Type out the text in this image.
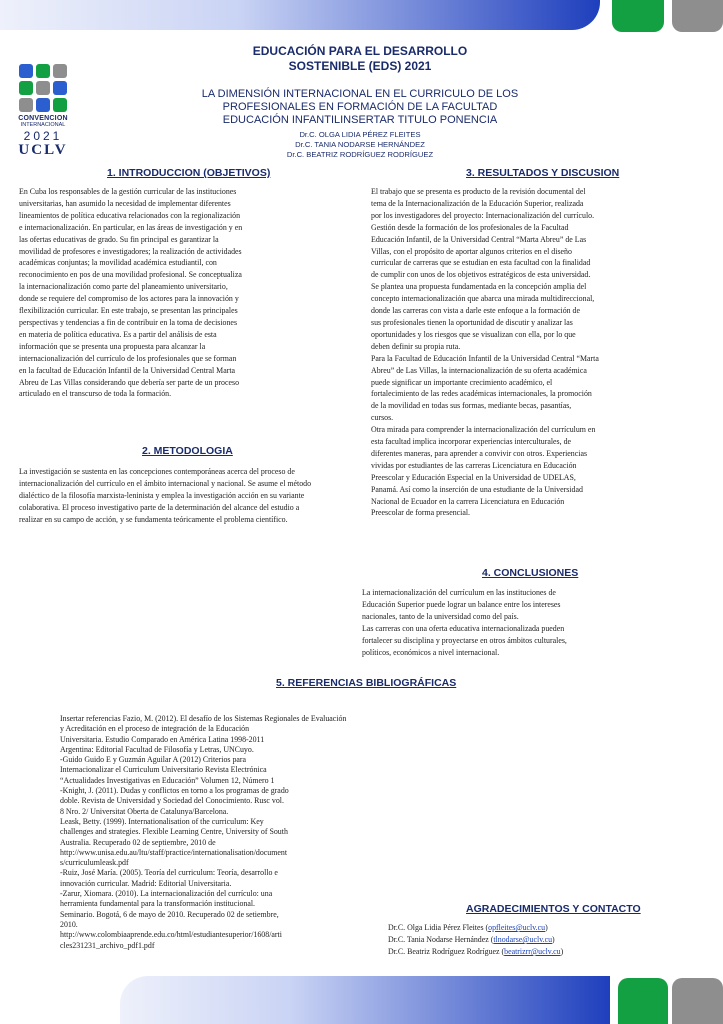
CONVENCION
INTERNACIONAL
2021
UCLV
EDUCACIÓN PARA EL DESARROLLO
SOSTENIBLE (EDS) 2021
LA DIMENSIÓN INTERNACIONAL EN EL CURRICULO DE LOS
PROFESIONALES EN FORMACIÓN DE LA FACULTAD
EDUCACIÓN INFANTILINSERTAR TITULO PONENCIA
Dr.C. OLGA LIDIA PÉREZ FLEITES
Dr.C. TANIA NODARSE HERNÁNDEZ
Dr.C. BEATRIZ RODRÍGUEZ RODRÍGUEZ
1. INTRODUCCION (OBJETIVOS)
En Cuba los responsables de la gestión curricular de las instituciones
universitarias, han asumido la necesidad de implementar diferentes
lineamientos de política educativa relacionados con la regionalización
e internacionalización. En particular, en las áreas de investigación y en
las ofertas educativas de grado. Su fin principal es garantizar la
movilidad de profesores e investigadores; la realización de actividades
académicas conjuntas; la movilidad académica estudiantil, con
reconocimiento en pos de una movilidad profesional. Se conceptualiza
la internacionalización como parte del planeamiento universitario,
donde se requiere del compromiso de los actores para la innovación y
flexibilización curricular. En este trabajo, se presentan las principales
perspectivas y tendencias a fin de contribuir en la toma de decisiones
en materia de política educativa. Es a partir del análisis de esta
información que se presenta una propuesta para alcanzar la
internacionalización del currículo de los profesionales que se forman
en la facultad de Educación Infantil de la Universidad Central Marta
Abreu de Las Villas considerando que debería ser parte de un proceso
articulado en el transcurso de toda la formación.
2. METODOLOGIA
La investigación se sustenta en las concepciones contemporáneas acerca del proceso de
internacionalización del currículo en el ámbito internacional y nacional. Se asume el método
dialéctico de la filosofía marxista-leninista y emplea la investigación acción en su variante
colaborativa. El proceso investigativo parte de la determinación del alcance del estudio a
realizar en su campo de acción, y se fundamenta teóricamente el problema científico.
3. RESULTADOS Y DISCUSION
El trabajo que se presenta es producto de la revisión documental del
tema de la Internacionalización de la Educación Superior, realizada
por los investigadores del proyecto: Internacionalización del currículo.
Gestión desde la formación de los profesionales de la Facultad
Educación Infantil, de la Universidad Central “Marta Abreu” de Las
Villas, con el propósito de aportar algunos criterios en el diseño
curricular de carreras que se estudian en esta facultad con la finalidad
de cumplir con unos de los objetivos estratégicos de esta universidad.
Se plantea una propuesta fundamentada en la concepción amplia del
concepto internacionalización que abarca una mirada multidireccional,
donde las carreras con vista a darle este enfoque a la formación de
sus profesionales tienen la oportunidad de discutir y analizar las
oportunidades y los riesgos que se visualizan con ella, por lo que
deben definir su propia ruta.
Para la Facultad de Educación Infantil de la Universidad Central “Marta
Abreu” de Las Villas, la internacionalización de su oferta académica
puede significar un importante crecimiento académico, el
fortalecimiento de las redes académicas internacionales, la promoción
de la movilidad en todas sus formas, mediante becas, pasantías,
cursos.
Otra mirada para comprender la internacionalización del currículum en
esta facultad implica incorporar experiencias interculturales, de
diferentes maneras, para aprender a convivir con otros. Experiencias
vividas por estudiantes de las carreras Licenciatura en Educación
Preescolar y Educación Especial en la Universidad de UDELAS,
Panamá. Así como la inserción de una estudiante de la Universidad
Nacional de Ecuador en la carrera Licenciatura en Educación
Preescolar de forma presencial.
4. CONCLUSIONES
La internacionalización del currículum en las instituciones de
Educación Superior puede lograr un balance entre los intereses
nacionales, tanto de la universidad como del país.
Las carreras con una oferta educativa internacionalizada pueden
fortalecer su disciplina y proyectarse en otros ámbitos culturales,
políticos, económicos a nivel internacional.
5. REFERENCIAS BIBLIOGRÁFICAS
Insertar referencias Fazio, M. (2012). El desafío de los Sistemas Regionales de Evaluación
y Acreditación en el proceso de integración de la Educación
Universitaria. Estudio Comparado en América Latina 1998-2011
Argentina: Editorial Facultad de Filosofía y Letras, UNCuyo.
-Guido Guido E y Guzmán Aguilar A (2012) Criterios para
Internacionalizar el Curriculum Universitario Revista Electrónica
“Actualidades Investigativas en Educación” Volumen 12, Número 1
-Knight, J. (2011). Dudas y conflictos en torno a los programas de grado
doble. Revista de Universidad y Sociedad del Conocimiento. Rusc vol.
8 Nro. 2/ Universitat Oberta de Catalunya/Barcelona.
Leask, Betty. (1999). Internationalisation of the curriculum: Key
challenges and strategies. Flexible Learning Centre, University of South
Australia. Recuperado 02 de septiembre, 2010 de
http://www.unisa.edu.au/ltu/staff/practice/internationalisation/document
s/curriculumleask.pdf
-Ruiz, José María. (2005). Teoría del curriculum: Teoría, desarrollo e
innovación curricular. Madrid: Editorial Universitaria.
-Zarur, Xiomara. (2010). La internacionalización del currículo: una
herramienta fundamental para la transformación institucional.
Seminario. Bogotá, 6 de mayo de 2010. Recuperado 02 de setiembre,
2010.
http://www.colombiaaprende.edu.co/html/estudiantesuperior/1608/arti
cles231231_archivo_pdf1.pdf
AGRADECIMIENTOS Y CONTACTO
Dr.C. Olga Lidia Pérez Fleites (opfleites@uclv.cu)
Dr.C. Tania Nodarse Hernández (tlnodarse@uclv.cu)
Dr.C. Beatriz Rodríguez Rodríguez (beatrizrr@uclv.cu)
